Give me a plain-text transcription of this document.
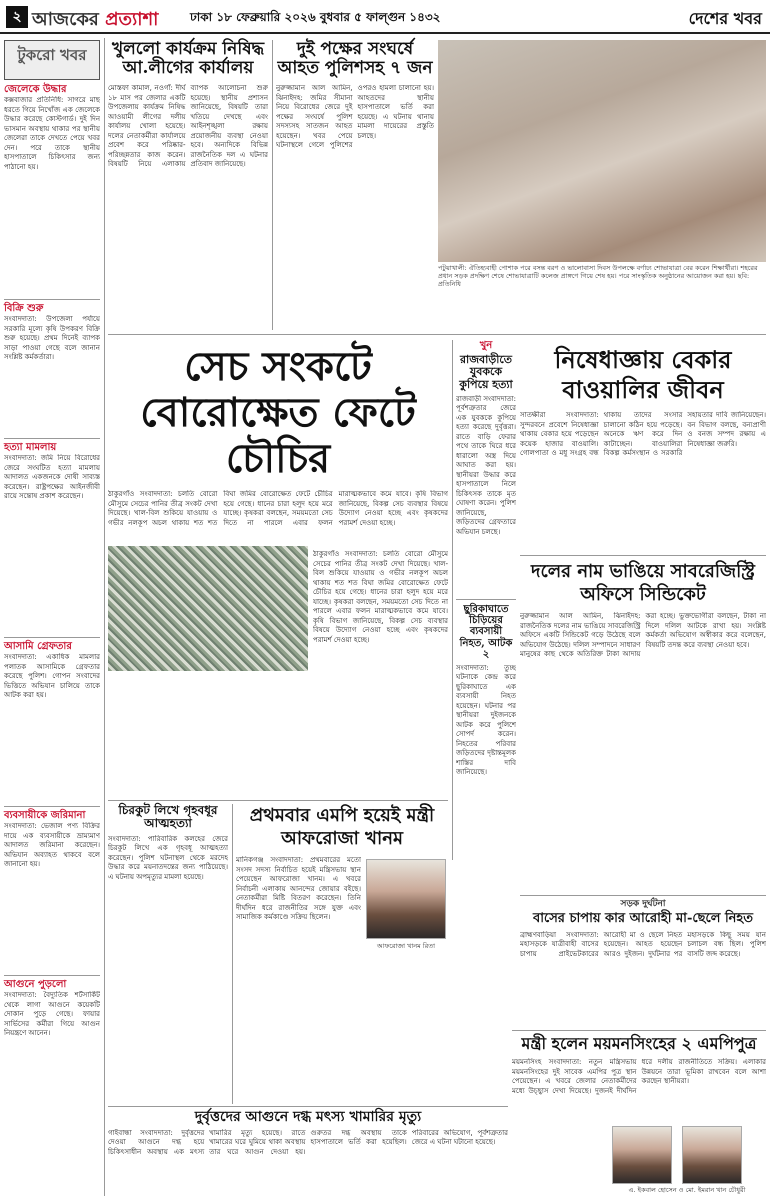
২ আজকের প্রত্যাশা	ঢাকা ১৮ ফেব্রুয়ারি ২০২৬ বুধবার ৫ ফাল্গুন ১৪৩২	দেশের খবর
টুকরো খবর
জেলেকে উদ্ধার
কক্সবাজার প্রতিনিধি: সাগরে মাছ ধরতে গিয়ে নিখোঁজ এক জেলেকে উদ্ধার করেছে কোস্টগার্ড। দুই দিন ভাসমান অবস্থায় থাকার পর স্থানীয় জেলেরা তাকে দেখতে পেয়ে খবর দেন। পরে তাকে স্থানীয় হাসপাতালে চিকিৎসার জন্য পাঠানো হয়।
বিক্রি শুরু
সংবাদদাতা: উপজেলা পর্যায়ে সরকারি মূল্যে কৃষি উপকরণ বিক্রি শুরু হয়েছে। প্রথম দিনেই ব্যাপক সাড়া পাওয়া গেছে বলে জানান সংশ্লিষ্ট কর্মকর্তারা।
হত্যা মামলায়
সংবাদদাতা: জমি নিয়ে বিরোধের জেরে সংঘটিত হত্যা মামলায় আদালত একজনকে দোষী সাব্যস্ত করেছেন। রাষ্ট্রপক্ষের আইনজীবী রায়ে সন্তোষ প্রকাশ করেছেন।
আসামি গ্রেফতার
সংবাদদাতা: একাধিক মামলার পলাতক আসামিকে গ্রেফতার করেছে পুলিশ। গোপন সংবাদের ভিত্তিতে অভিযান চালিয়ে তাকে আটক করা হয়।
ব্যবসায়ীকে জরিমানা
সংবাদদাতা: ভেজাল পণ্য বিক্রির দায়ে এক ব্যবসায়ীকে ভ্রাম্যমাণ আদালত জরিমানা করেছেন। অভিযান অব্যাহত থাকবে বলে জানানো হয়।
আগুনে পুড়লো
সংবাদদাতা: বৈদ্যুতিক শর্টসার্কিট থেকে লাগা আগুনে কয়েকটি দোকান পুড়ে গেছে। ফায়ার সার্ভিসের কর্মীরা গিয়ে আগুন নিয়ন্ত্রণে আনেন।
খুললো কার্যক্রম নিষিদ্ধ আ.লীগের কার্যালয়
মোস্তফা কামাল, নওগাঁ: দীর্ঘ ১৮ মাস পর জেলার একটি উপজেলায় কার্যক্রম নিষিদ্ধ আওয়ামী লীগের দলীয় কার্যালয় খোলা হয়েছে। দলের নেতাকর্মীরা কার্যালয়ে প্রবেশ করে পরিষ্কার-পরিচ্ছন্নতার কাজ করেন। বিষয়টি নিয়ে এলাকায় ব্যাপক আলোচনা শুরু হয়েছে। স্থানীয় প্রশাসন জানিয়েছে, বিষয়টি তারা খতিয়ে দেখছে এবং আইনশৃঙ্খলা রক্ষায় প্রয়োজনীয় ব্যবস্থা নেওয়া হবে। অন্যদিকে বিভিন্ন রাজনৈতিক দল এ ঘটনার প্রতিবাদ জানিয়েছে।
দুই পক্ষের সংঘর্ষে আহত পুলিশসহ ৭ জন
নুরুজ্জামান আল আমিন, ঝিনাইদহ: জমির সীমানা নিয়ে বিরোধের জেরে দুই পক্ষের সংঘর্ষে পুলিশ সদস্যসহ সাতজন আহত হয়েছেন। খবর পেয়ে ঘটনাস্থলে গেলে পুলিশের ওপরও হামলা চালানো হয়। আহতদের স্থানীয় হাসপাতালে ভর্তি করা হয়েছে। এ ঘটনায় থানায় মামলা দায়েরের প্রস্তুতি চলছে।
পটুয়াখালী: ঐতিহ্যবাহী পোশাক পরে বসন্ত বরণ ও ভালোবাসা দিবস উপলক্ষে বর্ণাঢ্য শোভাযাত্রা বের করেন শিক্ষার্থীরা। শহরের প্রধান সড়ক প্রদক্ষিণ শেষে শোভাযাত্রাটি কলেজ প্রাঙ্গণে গিয়ে শেষ হয়। পরে সাংস্কৃতিক অনুষ্ঠানের আয়োজন করা হয়। ছবি: প্রতিনিধি
সেচ সংকটে বোরোক্ষেত ফেটে চৌচির
ঠাকুরগাঁও সংবাদদাতা: চলতি বোরো মৌসুমে সেচের পানির তীব্র সংকট দেখা দিয়েছে। খাল-বিল শুকিয়ে যাওয়ায় ও গভীর নলকূপ অচল থাকায় শত শত বিঘা জমির বোরোক্ষেত ফেটে চৌচির হয়ে গেছে। ধানের চারা হলুদ হয়ে মরে যাচ্ছে। কৃষকরা বলছেন, সময়মতো সেচ দিতে না পারলে এবার ফলন মারাত্মকভাবে কমে যাবে। কৃষি বিভাগ জানিয়েছে, বিকল্প সেচ ব্যবস্থার বিষয়ে উদ্যোগ নেওয়া হচ্ছে এবং কৃষকদের পরামর্শ দেওয়া হচ্ছে।
ঠাকুরগাঁও সংবাদদাতা: চলতি বোরো মৌসুমে সেচের পানির তীব্র সংকট দেখা দিয়েছে। খাল-বিল শুকিয়ে যাওয়ায় ও গভীর নলকূপ অচল থাকায় শত শত বিঘা জমির বোরোক্ষেত ফেটে চৌচির হয়ে গেছে। ধানের চারা হলুদ হয়ে মরে যাচ্ছে। কৃষকরা বলছেন, সময়মতো সেচ দিতে না পারলে এবার ফলন মারাত্মকভাবে কমে যাবে। কৃষি বিভাগ জানিয়েছে, বিকল্প সেচ ব্যবস্থার বিষয়ে উদ্যোগ নেওয়া হচ্ছে এবং কৃষকদের পরামর্শ দেওয়া হচ্ছে।
খুন
রাজবাড়ীতে যুবককে কুপিয়ে হত্যা
রাজবাড়ী সংবাদদাতা: পূর্বশত্রুতার জেরে এক যুবককে কুপিয়ে হত্যা করেছে দুর্বৃত্তরা। রাতে বাড়ি ফেরার পথে তাকে ঘিরে ধরে ধারালো অস্ত্র দিয়ে আঘাত করা হয়। স্থানীয়রা উদ্ধার করে হাসপাতালে নিলে চিকিৎসক তাকে মৃত ঘোষণা করেন। পুলিশ জানিয়েছে, জড়িতদের গ্রেফতারে অভিযান চলছে।
ছুরিকাঘাতে চিড়িয়ের ব্যবসায়ী নিহত, আটক ২
সংবাদদাতা: তুচ্ছ ঘটনাকে কেন্দ্র করে ছুরিকাঘাতে এক ব্যবসায়ী নিহত হয়েছেন। ঘটনার পর স্থানীয়রা দুইজনকে আটক করে পুলিশে সোপর্দ করেন। নিহতের পরিবার জড়িতদের দৃষ্টান্তমূলক শাস্তির দাবি জানিয়েছে।
নিষেধাজ্ঞায় বেকার বাওয়ালির জীবন
সাতক্ষীরা সংবাদদাতা: সুন্দরবনে প্রবেশে নিষেধাজ্ঞা থাকায় বেকার হয়ে পড়েছেন কয়েক হাজার বাওয়ালি। গোলপাতা ও মধু সংগ্রহ বন্ধ থাকায় তাদের সংসার চালানো কঠিন হয়ে পড়েছে। অনেকে ঋণ করে দিন কাটাচ্ছেন। বাওয়ালিরা বিকল্প কর্মসংস্থান ও সরকারি সহায়তার দাবি জানিয়েছেন। বন বিভাগ বলছে, বন্যপ্রাণী ও বনজ সম্পদ রক্ষায় এ নিষেধাজ্ঞা জরুরি।
দলের নাম ভাঙিয়ে সাবরেজিস্ট্রি অফিসে সিন্ডিকেট
নুরুজ্জামান আল আমিন, ঝিনাইদহ: রাজনৈতিক দলের নাম ভাঙিয়ে সাবরেজিস্ট্রি অফিসে একটি সিন্ডিকেট গড়ে উঠেছে বলে অভিযোগ উঠেছে। দলিল সম্পাদনে সাধারণ মানুষের কাছ থেকে অতিরিক্ত টাকা আদায় করা হচ্ছে। ভুক্তভোগীরা বলছেন, টাকা না দিলে দলিল আটকে রাখা হয়। সংশ্লিষ্ট কর্মকর্তা অভিযোগ অস্বীকার করে বলেছেন, বিষয়টি তদন্ত করে ব্যবস্থা নেওয়া হবে।
চিরকুট লিখে গৃহবধূর আত্মহত্যা
সংবাদদাতা: পারিবারিক কলহের জেরে চিরকুট লিখে এক গৃহবধূ আত্মহত্যা করেছেন। পুলিশ ঘটনাস্থল থেকে মরদেহ উদ্ধার করে ময়নাতদন্তের জন্য পাঠিয়েছে। এ ঘটনায় অপমৃত্যুর মামলা হয়েছে।
প্রথমবার এমপি হয়েই মন্ত্রী আফরোজা খানম
মানিকগঞ্জ সংবাদদাতা: প্রথমবারের মতো সংসদ সদস্য নির্বাচিত হয়েই মন্ত্রিসভায় স্থান পেয়েছেন আফরোজা খানম। এ খবরে নির্বাচনী এলাকায় আনন্দের জোয়ার বইছে। নেতাকর্মীরা মিষ্টি বিতরণ করেছেন। তিনি দীর্ঘদিন ধরে রাজনীতির সঙ্গে যুক্ত এবং সামাজিক কর্মকাণ্ডে সক্রিয় ছিলেন।
আফরোজা খানম রিতা
সড়ক দুর্ঘটনা
বাসের চাপায় কার আরোহী মা-ছেলে নিহত
ব্রাহ্মণবাড়িয়া সংবাদদাতা: মহাসড়কে যাত্রীবাহী বাসের চাপায় প্রাইভেটকারের আরোহী মা ও ছেলে নিহত হয়েছেন। আহত হয়েছেন আরও দুইজন। দুর্ঘটনার পর মহাসড়কে কিছু সময় যান চলাচল বন্ধ ছিল। পুলিশ বাসটি জব্দ করেছে।
দুর্বৃত্তদের আগুনে দগ্ধ মৎস্য খামারির মৃত্যু
গাইবান্ধা সংবাদদাতা: দুর্বৃত্তদের দেওয়া আগুনে দগ্ধ হয়ে চিকিৎসাধীন অবস্থায় এক মৎস্য খামারির মৃত্যু হয়েছে। রাতে খামারের ঘরে ঘুমিয়ে থাকা অবস্থায় তার ঘরে আগুন দেওয়া হয়। গুরুতর দগ্ধ অবস্থায় তাকে হাসপাতালে ভর্তি করা হয়েছিল। পরিবারের অভিযোগ, পূর্বশত্রুতার জেরে এ ঘটনা ঘটানো হয়েছে।
মন্ত্রী হলেন ময়মনসিংহের ২ এমপিপুত্র
ময়মনসিংহ সংবাদদাতা: নতুন মন্ত্রিসভায় ময়মনসিংহের দুই সাবেক এমপির পুত্র স্থান পেয়েছেন। এ খবরে জেলার নেতাকর্মীদের মধ্যে উচ্ছ্বাস দেখা দিয়েছে। দুজনই দীর্ঘদিন ধরে দলীয় রাজনীতিতে সক্রিয়। এলাকার উন্নয়নে তারা ভূমিকা রাখবেন বলে আশা করছেন স্থানীয়রা।
এ. ইকবাল হোসেন ও মো. ইমরান খান চৌধুরী
